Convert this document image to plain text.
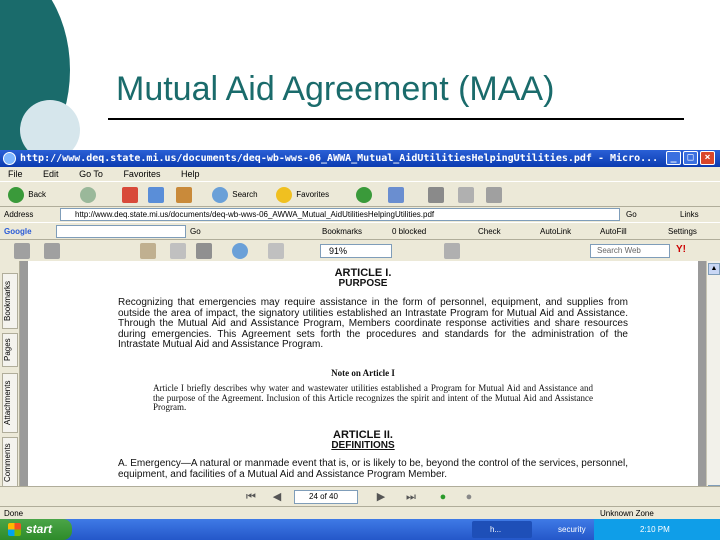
Mutual Aid Agreement (MAA)
http://www.deq.state.mi.us/documents/deq-wb-wws-06_AWWA_Mutual_AidUtilitiesHelpingUtilities.pdf - Micro...	_	□	×
File Edit Go To Favorites Help
Back	Search	Favorites
Address	http://www.deq.state.mi.us/documents/deq-wb-wws-06_AWWA_Mutual_AidUtilitiesHelpingUtilities.pdf	Go	Links
Google	Go	Bookmarks	0 blocked	Check	AutoLink	AutoFill	Settings
91%	Search Web	Y!
Bookmarks
Pages
Attachments
Comments
ARTICLE I.
PURPOSE
Recognizing that emergencies may require assistance in the form of personnel, equipment, and supplies from outside the area of impact, the signatory utilities established an Intrastate Program for Mutual Aid and Assistance. Through the Mutual Aid and Assistance Program, Members coordinate response activities and share resources during emergencies. This Agreement sets forth the procedures and standards for the administration of the Intrastate Mutual Aid and Assistance Program.
Note on Article I
Article I briefly describes why water and wastewater utilities established a Program for Mutual Aid and Assistance and the purpose of the Agreement. Inclusion of this Article recognizes the spirit and intent of the Mutual Aid and Assistance Program.
ARTICLE II.
DEFINITIONS
A. Emergency—A natural or manmade event that is, or is likely to be, beyond the control of the services, personnel, equipment, and facilities of a Mutual Aid and Assistance Program Member.
▲
⏮ ◀	24 of 40	▶ ⏭	●	●
Done	Unknown Zone
start	h...	security	2:10 PM
